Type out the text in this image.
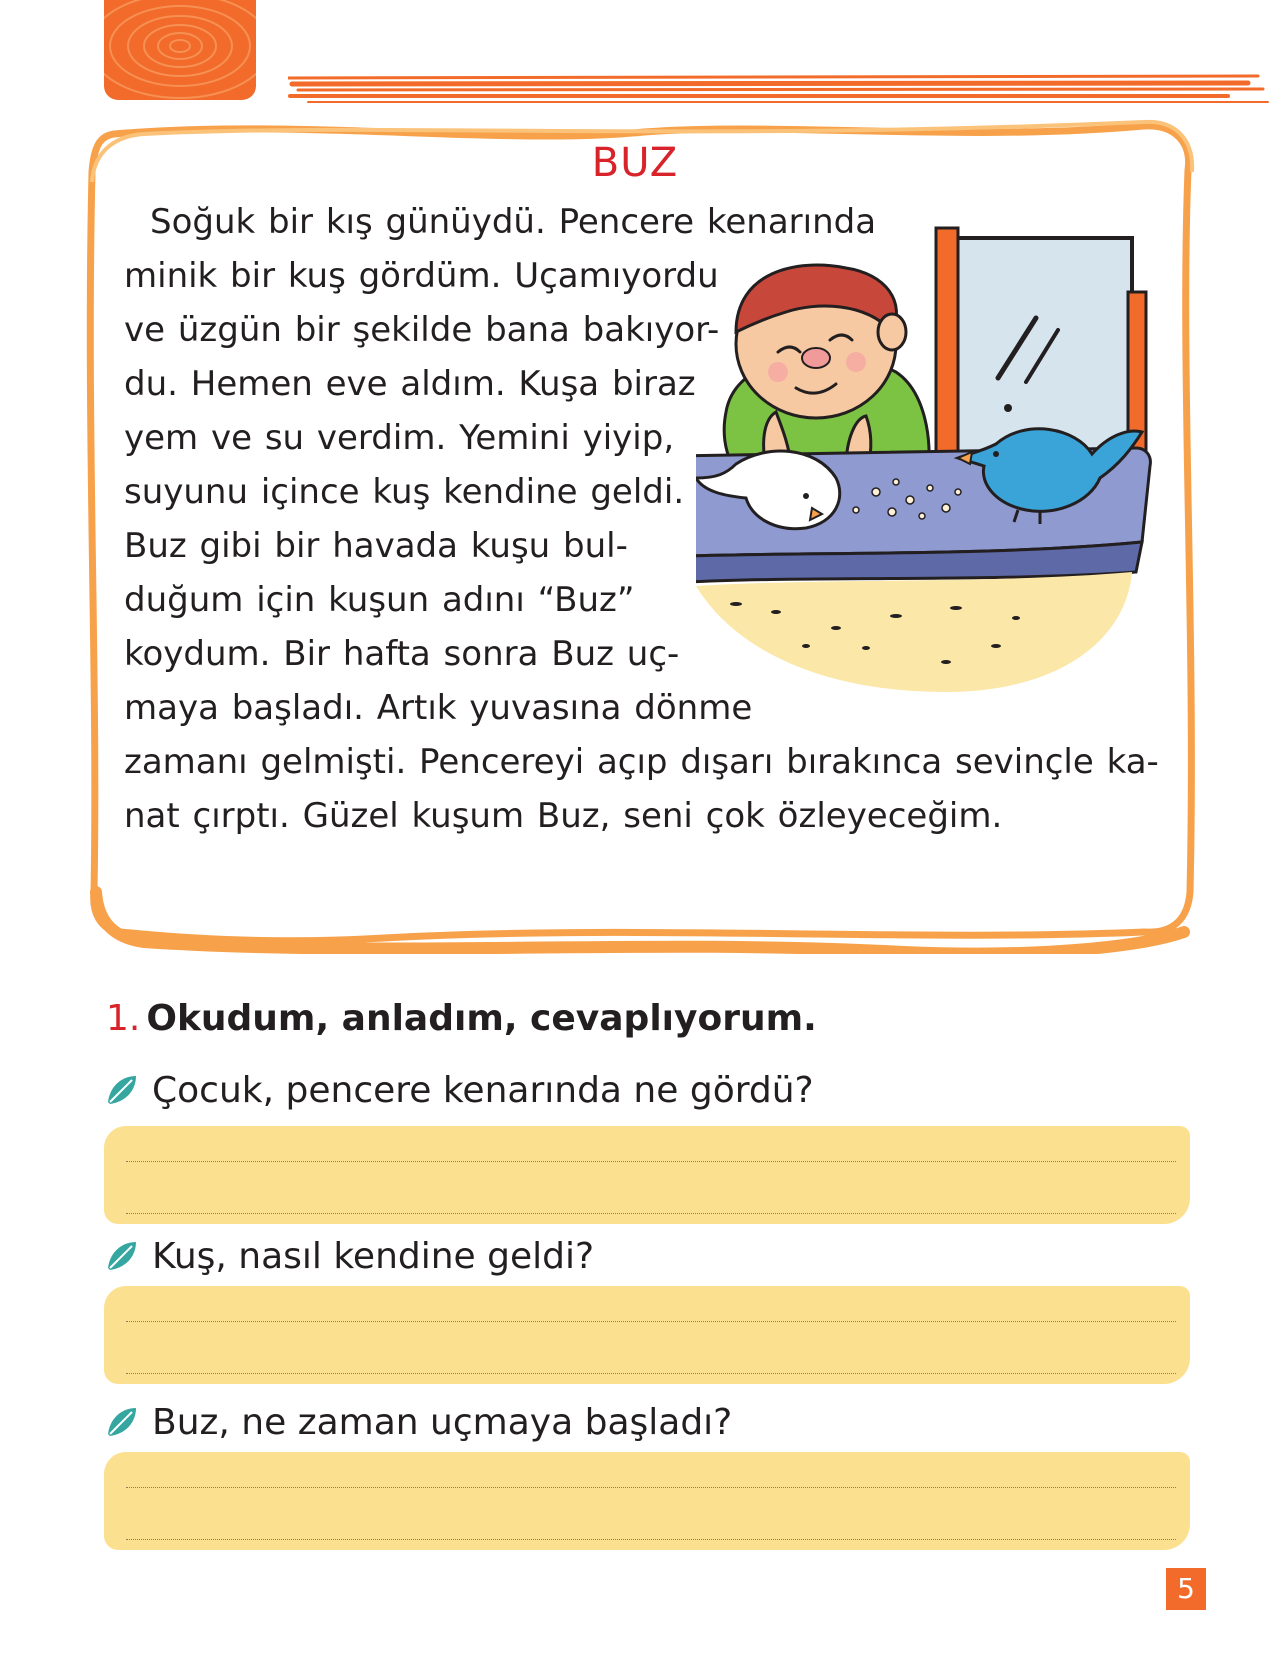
BUZ
Soğuk bir kış günüydü. Pencere kenarında
minik bir kuş gördüm. Uçamıyordu
ve üzgün bir şekilde bana bakıyor-
du. Hemen eve aldım. Kuşa biraz
yem ve su verdim. Yemini yiyip,
suyunu içince kuş kendine geldi.
Buz gibi bir havada kuşu bul-
duğum için kuşun adını “Buz”
koydum. Bir hafta sonra Buz uç-
maya başladı. Artık yuvasına dönme
zamanı gelmişti. Pencereyi açıp dışarı bırakınca sevinçle ka-
nat çırptı. Güzel kuşum Buz, seni çok özleyeceğim.
1. Okudum, anladım, cevaplıyorum.
Çocuk, pencere kenarında ne gördü?
Kuş, nasıl kendine geldi?
Buz, ne zaman uçmaya başladı?
5
